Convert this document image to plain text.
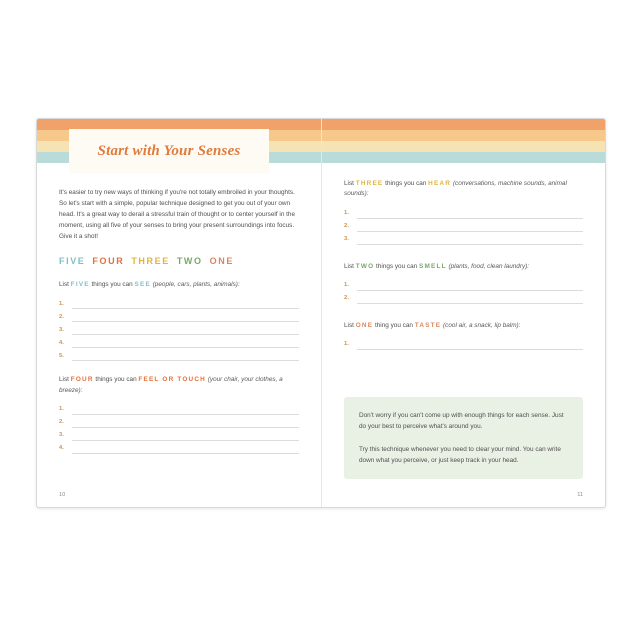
Start with Your Senses

It's easier to try new ways of thinking if you're not totally embroiled in your thoughts. So let's start with a simple, popular technique designed to get you out of your own head. It's a great way to derail a stressful train of thought or to center yourself in the moment, using all five of your senses to bring your present surroundings into focus. Give it a shot!

FIVE FOUR THREE TWO ONE
List FIVE things you can SEE (people, cars, plants, animals):
1.
2.
3.
4.
5.
List FOUR things you can FEEL OR TOUCH (your chair, your clothes, a breeze):
1.
2.
3.
4.
10
List THREE things you can HEAR (conversations, machine sounds, animal sounds):
1.
2.
3.
List TWO things you can SMELL (plants, food, clean laundry):
1.
2.
List ONE thing you can TASTE (cool air, a snack, lip balm):
1.

Don't worry if you can't come up with enough things for each sense. Just do your best to perceive what's around you.

Try this technique whenever you need to clear your mind. You can write down what you perceive, or just keep track in your head.

11
